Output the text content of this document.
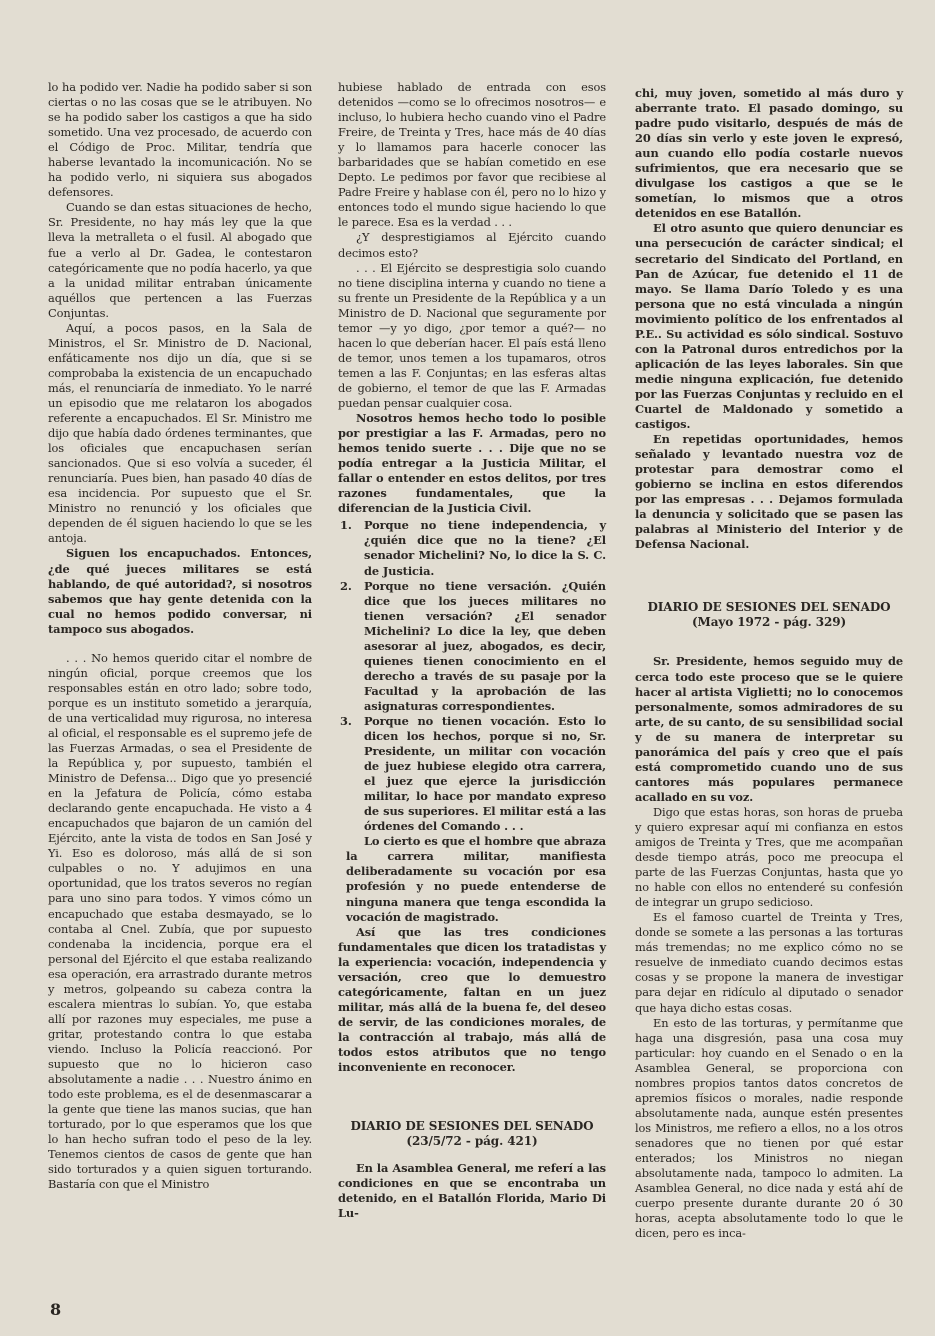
lo ha podido ver. Nadie ha podido saber si son ciertas o no las cosas que se le atribuyen. No se ha podido saber los castigos a que ha sido sometido. Una vez procesado, de acuerdo con el Código de Proc. Militar, tendría que haberse levantado la incomunicación. No se ha podido verlo, ni siquiera sus abogados defensores.

Cuando se dan estas situaciones de hecho, Sr. Presidente, no hay más ley que la que lleva la metralleta o el fusil. Al abogado que fue a verlo al Dr. Gadea, le contestaron categóricamente que no podía hacerlo, ya que a la unidad militar entraban únicamente aquéllos que pertencen a las Fuerzas Conjuntas.

Aquí, a pocos pasos, en la Sala de Ministros, el Sr. Ministro de D. Nacional, enfáticamente nos dijo un día, que si se comprobaba la existencia de un encapuchado más, el renunciaría de inmediato. Yo le narré un episodio que me relataron los abogados referente a encapuchados. El Sr. Ministro me dijo que había dado órdenes terminantes, que los oficiales que encapuchasen serían sancionados. Que si eso volvía a suceder, él renunciaría. Pues bien, han pasado 40 días de esa incidencia. Por supuesto que el Sr. Ministro no renunció y los oficiales que dependen de él siguen haciendo lo que se les antoja.

Siguen los encapuchados. Entonces, ¿de qué jueces militares se está hablando, de qué autoridad?, si nosotros sabemos que hay gente detenida con la cual no hemos podido conversar, ni tampoco sus abogados.

. . . No hemos querido citar el nombre de ningún oficial, porque creemos que los responsables están en otro lado; sobre todo, porque es un instituto sometido a jerarquía, de una verticalidad muy rigurosa, no interesa al oficial, el responsable es el supremo jefe de las Fuerzas Armadas, o sea el Presidente de la República y, por supuesto, también el Ministro de Defensa... Digo que yo presencié en la Jefatura de Policía, cómo estaba declarando gente encapuchada. He visto a 4 encapuchados que bajaron de un camión del Ejército, ante la vista de todos en San José y Yi. Eso es doloroso, más allá de si son culpables o no. Y adujimos en una oportunidad, que los tratos severos no regían para uno sino para todos. Y vimos cómo un encapuchado que estaba desmayado, se lo contaba al Cnel. Zubía, que por supuesto condenaba la incidencia, porque era el personal del Ejército el que estaba realizando esa operación, era arrastrado durante metros y metros, golpeando su cabeza contra la escalera mientras lo subían. Yo, que estaba allí por razones muy especiales, me puse a gritar, protestando contra lo que estaba viendo. Incluso la Policía reaccionó. Por supuesto que no lo hicieron caso absolutamente a nadie . . . Nuestro ánimo en todo este problema, es el de desenmascarar a la gente que tiene las manos sucias, que han torturado, por lo que esperamos que los que lo han hecho sufran todo el peso de la ley. Tenemos cientos de casos de gente que han sido torturados y a quien siguen torturando. Bastaría con que el Ministro

hubiese hablado de entrada con esos detenidos —como se lo ofrecimos nosotros— e incluso, lo hubiera hecho cuando vino el Padre Freire, de Treinta y Tres, hace más de 40 días y lo llamamos para hacerle conocer las barbaridades que se habían cometido en ese Depto. Le pedimos por favor que recibiese al Padre Freire y hablase con él, pero no lo hizo y entonces todo el mundo sigue haciendo lo que le parece. Esa es la verdad . . .

¿Y desprestigiamos al Ejército cuando decimos esto?

. . . El Ejército se desprestigia solo cuando no tiene disciplina interna y cuando no tiene a su frente un Presidente de la República y a un Ministro de D. Nacional que seguramente por temor —y yo digo, ¿por temor a qué?— no hacen lo que deberían hacer. El país está lleno de temor, unos temen a los tupamaros, otros temen a las F. Conjuntas; en las esferas altas de gobierno, el temor de que las F. Armadas puedan pensar cualquier cosa.

Nosotros hemos hecho todo lo posible por prestigiar a las F. Armadas, pero no hemos tenido suerte . . . Dije que no se podía entregar a la Justicia Militar, el fallar o entender en estos delitos, por tres razones fundamentales, que la diferencian de la Justicia Civil.

1. Porque no tiene independencia, y ¿quién dice que no la tiene? ¿El senador Michelini? No, lo dice la S. C. de Justicia.
2. Porque no tiene versación. ¿Quién dice que los jueces militares no tienen versación? ¿El senador Michelini? Lo dice la ley, que deben asesorar al juez, abogados, es decir, quienes tienen conocimiento en el derecho a través de su pasaje por la Facultad y la aprobación de las asignaturas correspondientes.
3. Porque no tienen vocación. Esto lo dicen los hechos, porque si no, Sr. Presidente, un militar con vocación de juez hubiese elegido otra carrera, el juez que ejerce la jurisdicción militar, lo hace por mandato expreso de sus superiores. El militar está a las órdenes del Comando . . .

Lo cierto es que el hombre que abraza la carrera militar, manifiesta deliberadamente su vocación por esa profesión y no puede entenderse de ninguna manera que tenga escondida la vocación de magistrado.

Así que las tres condiciones fundamentales que dicen los tratadistas y la experiencia: vocación, independencia y versación, creo que lo demuestro categóricamente, faltan en un juez militar, más allá de la buena fe, del deseo de servir, de las condiciones morales, de la contracción al trabajo, más allá de todos estos atributos que no tengo inconveniente en reconocer.

DIARIO DE SESIONES DEL SENADO

(23/5/72 - pág. 421)

En la Asamblea General, me referí a las condiciones en que se encontraba un detenido, en el Batallón Florida, Mario Di Lu-

chi, muy joven, sometido al más duro y aberrante trato. El pasado domingo, su padre pudo visitarlo, después de más de 20 días sin verlo y este joven le expresó, aun cuando ello podía costarle nuevos sufrimientos, que era necesario que se divulgase los castigos a que se le sometían, lo mismos que a otros detenidos en ese Batallón.

El otro asunto que quiero denunciar es una persecución de carácter sindical; el secretario del Sindicato del Portland, en Pan de Azúcar, fue detenido el 11 de mayo. Se llama Darío Toledo y es una persona que no está vinculada a ningún movimiento político de los enfrentados al P.E.. Su actividad es sólo sindical. Sostuvo con la Patronal duros entredichos por la aplicación de las leyes laborales. Sin que medie ninguna explicación, fue detenido por las Fuerzas Conjuntas y recluido en el Cuartel de Maldonado y sometido a castigos.

En repetidas oportunidades, hemos señalado y levantado nuestra voz de protestar para demostrar como el gobierno se inclina en estos diferendos por las empresas . . . Dejamos formulada la denuncia y solicitado que se pasen las palabras al Ministerio del Interior y de Defensa Nacional.

DIARIO DE SESIONES DEL SENADO

(Mayo 1972 - pág. 329)

Sr. Presidente, hemos seguido muy de cerca todo este proceso que se le quiere hacer al artista Viglietti; no lo conocemos personalmente, somos admiradores de su arte, de su canto, de su sensibilidad social y de su manera de interpretar su panorámica del país y creo que el país está comprometido cuando uno de sus cantores más populares permanece acallado en su voz.

Digo que estas horas, son horas de prueba y quiero expresar aquí mi confianza en estos amigos de Treinta y Tres, que me acompañan desde tiempo atrás, poco me preocupa el parte de las Fuerzas Conjuntas, hasta que yo no hable con ellos no entenderé su confesión de integrar un grupo sedicioso.

Es el famoso cuartel de Treinta y Tres, donde se somete a las personas a las torturas más tremendas; no me explico cómo no se resuelve de inmediato cuando decimos estas cosas y se propone la manera de investigar para dejar en ridículo al diputado o senador que haya dicho estas cosas.

En esto de las torturas, y permítanme que haga una disgresión, pasa una cosa muy particular: hoy cuando en el Senado o en la Asamblea General, se proporciona con nombres propios tantos datos concretos de apremios físicos o morales, nadie responde absolutamente nada, aunque estén presentes los Ministros, me refiero a ellos, no a los otros senadores que no tienen por qué estar enterados; los Ministros no niegan absolutamente nada, tampoco lo admiten. La Asamblea General, no dice nada y está ahí de cuerpo presente durante durante 20 ó 30 horas, acepta absolutamente todo lo que le dicen, pero es inca-

8
